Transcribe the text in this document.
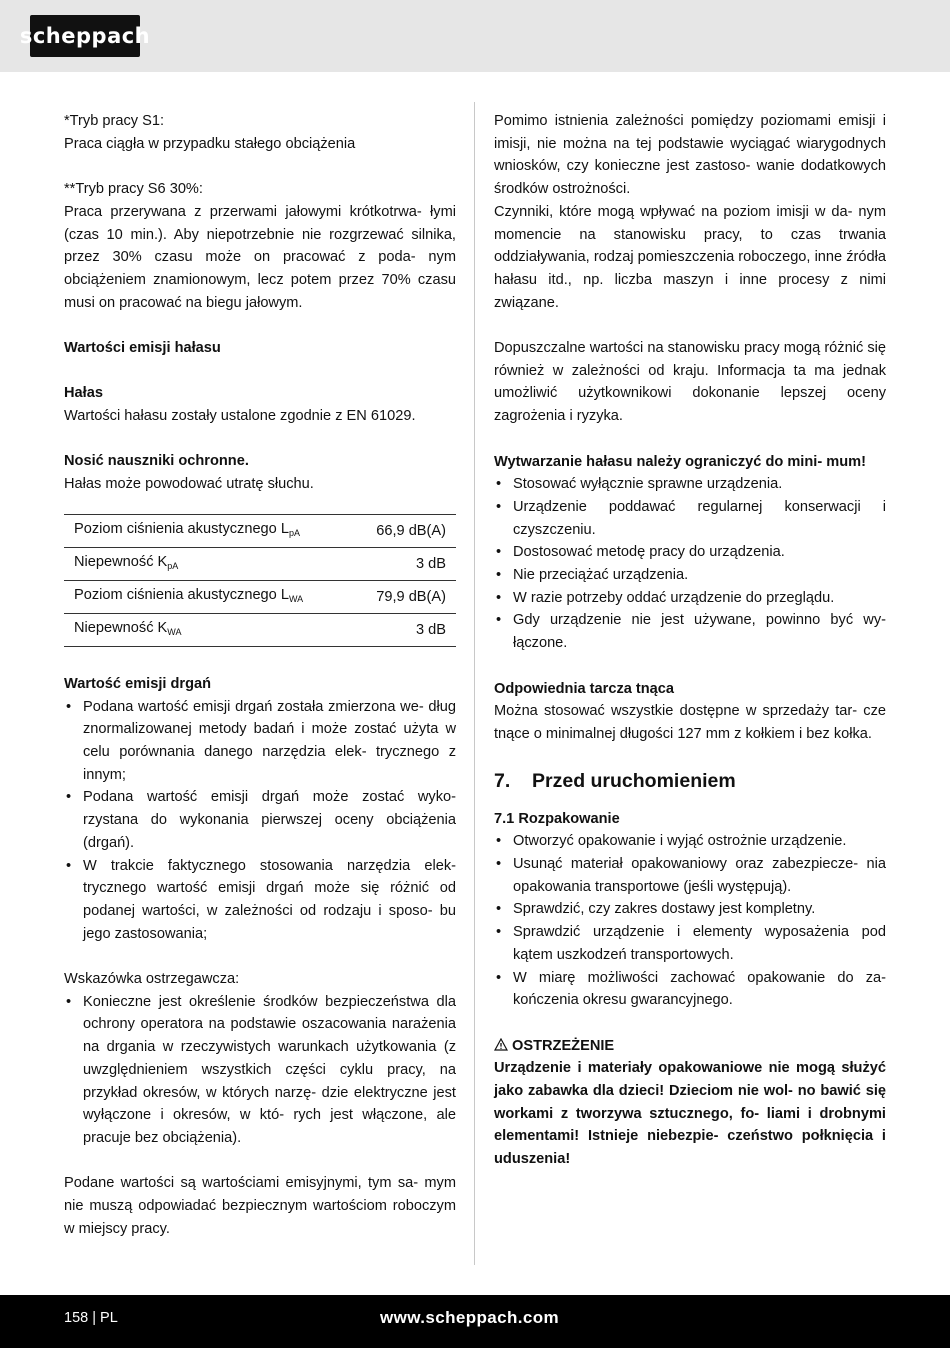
scheppach

*Tryb pracy S1:

Praca ciągła w przypadku stałego obciążenia

**Tryb pracy S6 30%:

Praca przerywana z przerwami jałowymi krótkotrwa- łymi (czas 10 min.). Aby niepotrzebnie nie rozgrzewać silnika, przez 30% czasu może on pracować z poda- nym obciążeniem znamionowym, lecz potem przez 70% czasu musi on pracować na biegu jałowym.

Wartości emisji hałasu

Hałas

Wartości hałasu zostały ustalone zgodnie z EN 61029.

Nosić nauszniki ochronne.

Hałas może powodować utratę słuchu.

Poziom ciśnienia akustycznego $L_{pA}$	66,9 dB(A)
Niepewność $K_{pA}$	3 dB
Poziom ciśnienia akustycznego $L_{WA}$	79,9 dB(A)
Niepewność $K_{WA}$	3 dB

Wartość emisji drgań

• Podana wartość emisji drgań została zmierzona we- dług znormalizowanej metody badań i może zostać użyta w celu porównania danego narzędzia elek- trycznego z innym;
• Podana wartość emisji drgań może zostać wyko- rzystana do wykonania pierwszej oceny obciążenia (drgań).
• W trakcie faktycznego stosowania narzędzia elek- trycznego wartość emisji drgań może się różnić od podanej wartości, w zależności od rodzaju i sposo- bu jego zastosowania;

Wskazówka ostrzegawcza:

• Konieczne jest określenie środków bezpieczeństwa dla ochrony operatora na podstawie oszacowania narażenia na drgania w rzeczywistych warunkach użytkowania (z uwzględnieniem wszystkich części cyklu pracy, na przykład okresów, w których narzę- dzie elektryczne jest wyłączone i okresów, w któ- rych jest włączone, ale pracuje bez obciążenia).

Podane wartości są wartościami emisyjnymi, tym sa- mym nie muszą odpowiadać bezpiecznym wartościom roboczym w miejscy pracy.

Pomimo istnienia zależności pomiędzy poziomami emisji i imisji, nie można na tej podstawie wyciągać wiarygodnych wniosków, czy konieczne jest zastoso- wanie dodatkowych środków ostrożności.

Czynniki, które mogą wpływać na poziom imisji w da- nym momencie na stanowisku pracy, to czas trwania oddziaływania, rodzaj pomieszczenia roboczego, inne źródła hałasu itd., np. liczba maszyn i inne procesy z nimi związane.

Dopuszczalne wartości na stanowisku pracy mogą różnić się również w zależności od kraju. Informacja ta ma jednak umożliwić użytkownikowi dokonanie lepszej oceny zagrożenia i ryzyka.

Wytwarzanie hałasu należy ograniczyć do mini- mum!

• Stosować wyłącznie sprawne urządzenia.
• Urządzenie poddawać regularnej konserwacji i czyszczeniu.
• Dostosować metodę pracy do urządzenia.
• Nie przeciążać urządzenia.
• W razie potrzeby oddać urządzenie do przeglądu.
• Gdy urządzenie nie jest używane, powinno być wy- łączone.

Odpowiednia tarcza tnąca

Można stosować wszystkie dostępne w sprzedaży tar- cze tnące o minimalnej długości 127 mm z kołkiem i bez kołka.

7. Przed uruchomieniem

7.1 Rozpakowanie

• Otworzyć opakowanie i wyjąć ostrożnie urządzenie.
• Usunąć materiał opakowaniowy oraz zabezpiecze- nia opakowania transportowe (jeśli występują).
• Sprawdzić, czy zakres dostawy jest kompletny.
• Sprawdzić urządzenie i elementy wyposażenia pod kątem uszkodzeń transportowych.
• W miarę możliwości zachować opakowanie do za- kończenia okresu gwarancyjnego.

OSTRZEŻENIE

Urządzenie i materiały opakowaniowe nie mogą służyć jako zabawka dla dzieci! Dzieciom nie wol- no bawić się workami z tworzywa sztucznego, fo- liami i drobnymi elementami! Istnieje niebezpie- czeństwo połknięcia i uduszenia!

158 | PL	www.scheppach.com
